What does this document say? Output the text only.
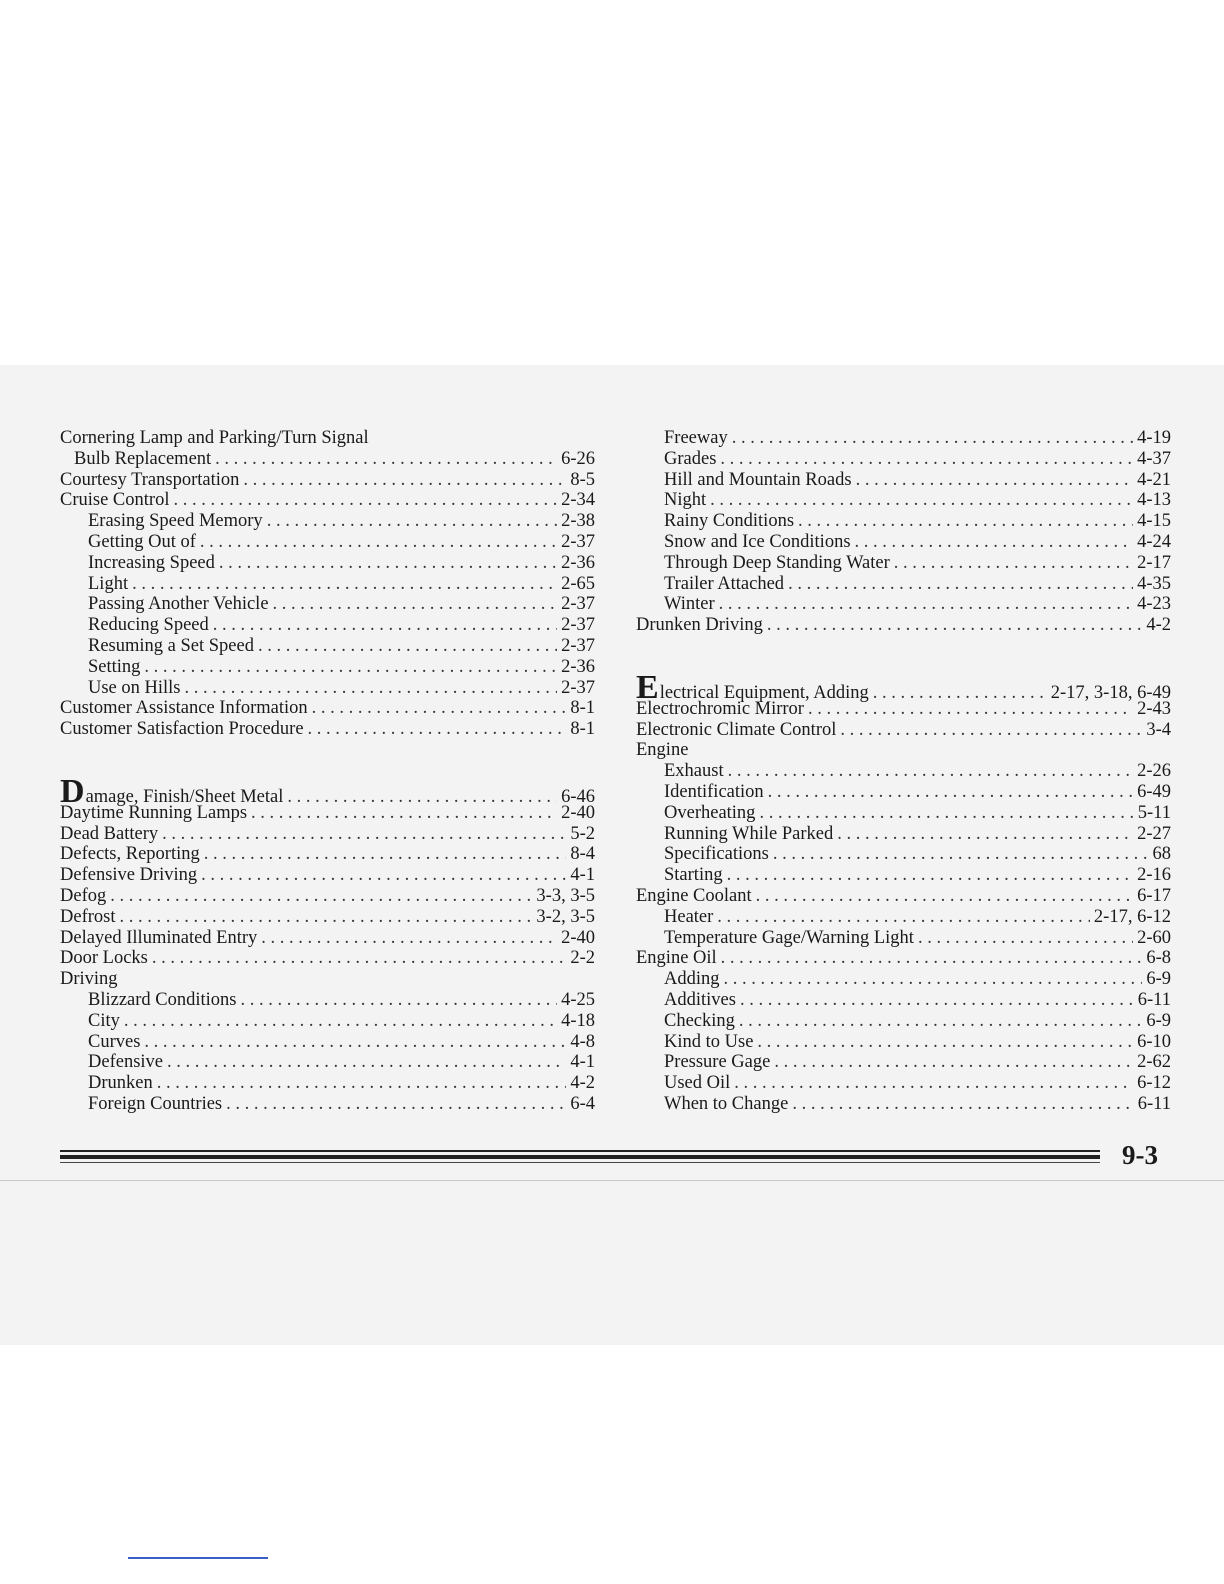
Cornering Lamp and Parking/Turn Signal
Bulb Replacement . . .	6-26
Courtesy Transportation . . .	8-5
Cruise Control . . .	2-34
Erasing Speed Memory . . .	2-38
Getting Out of . . .	2-37
Increasing Speed . . .	2-36
Light . . .	2-65
Passing Another Vehicle . . .	2-37
Reducing Speed . . .	2-37
Resuming a Set Speed . . .	2-37
Setting . . .	2-36
Use on Hills . . .	2-37
Customer Assistance Information . . .	8-1
Customer Satisfaction Procedure . . .	8-1
D amage, Finish/Sheet Metal . . .	6-46
Daytime Running Lamps . . .	2-40
Dead Battery . . .	5-2
Defects, Reporting . . .	8-4
Defensive Driving . . .	4-1
Defog . . .	3-3, 3-5
Defrost . . .	3-2, 3-5
Delayed Illuminated Entry . . .	2-40
Door Locks . . .	2-2
Driving
Blizzard Conditions . . .	4-25
City . . .	4-18
Curves . . .	4-8
Defensive . . .	4-1
Drunken . . .	4-2
Foreign Countries . . .	6-4
Freeway . . .	4-19
Grades . . .	4-37
Hill and Mountain Roads . . .	4-21
Night . . .	4-13
Rainy Conditions . . .	4-15
Snow and Ice Conditions . . .	4-24
Through Deep Standing Water . . .	2-17
Trailer Attached . . .	4-35
Winter . . .	4-23
Drunken Driving . . .	4-2
E lectrical Equipment, Adding . . .	2-17, 3-18, 6-49
Electrochromic Mirror . . .	2-43
Electronic Climate Control . . .	3-4
Engine
Exhaust . . .	2-26
Identification . . .	6-49
Overheating . . .	5-11
Running While Parked . . .	2-27
Specifications . . .	68
Starting . . .	2-16
Engine Coolant . . .	6-17
Heater . . .	2-17, 6-12
Temperature Gage/Warning Light . . .	2-60
Engine Oil . . .	6-8
Adding . . .	6-9
Additives . . .	6-11
Checking . . .	6-9
Kind to Use . . .	6-10
Pressure Gage . . .	2-62
Used Oil . . .	6-12
When to Change . . .	6-11
9-3
